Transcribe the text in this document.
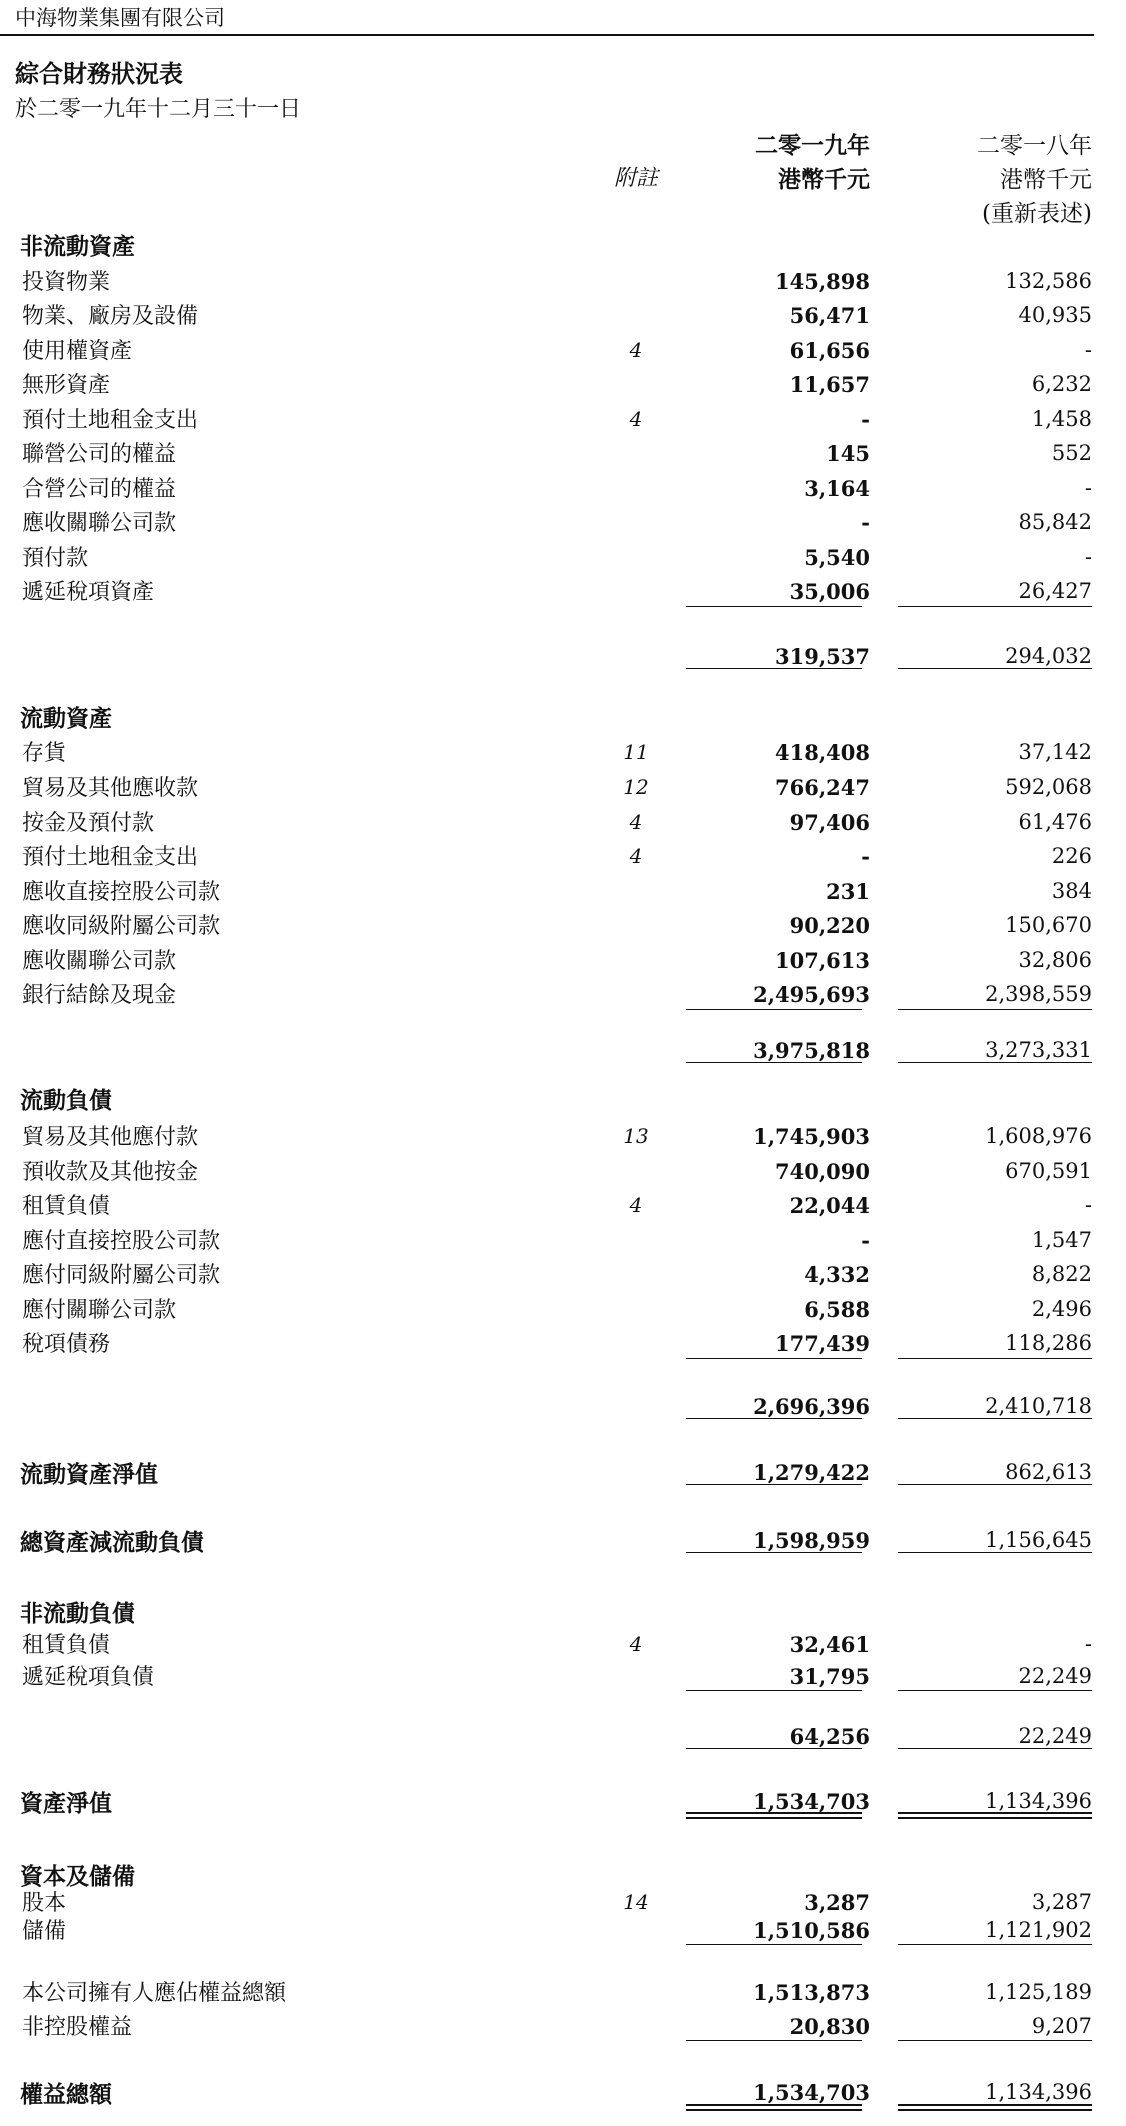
中海物業集團有限公司
綜合財務狀況表
於二零一九年十二月三十一日
二零一九年	二零一八年
附註	港幣千元	港幣千元
(重新表述)
非流動資產
投資物業	145,898	132,586
物業、廠房及設備	56,471	40,935
使用權資產	4	61,656	-
無形資產	11,657	6,232
預付土地租金支出	4	-	1,458
聯營公司的權益	145	552
合營公司的權益	3,164	-
應收關聯公司款	-	85,842
預付款	5,540	-
遞延稅項資產	35,006	26,427
319,537	294,032
流動資產
存貨	11	418,408	37,142
貿易及其他應收款	12	766,247	592,068
按金及預付款	4	97,406	61,476
預付土地租金支出	4	-	226
應收直接控股公司款	231	384
應收同級附屬公司款	90,220	150,670
應收關聯公司款	107,613	32,806
銀行結餘及現金	2,495,693	2,398,559
3,975,818	3,273,331
流動負債
貿易及其他應付款	13	1,745,903	1,608,976
預收款及其他按金	740,090	670,591
租賃負債	4	22,044	-
應付直接控股公司款	-	1,547
應付同級附屬公司款	4,332	8,822
應付關聯公司款	6,588	2,496
稅項債務	177,439	118,286
2,696,396	2,410,718
流動資產淨值	1,279,422	862,613
總資產減流動負債	1,598,959	1,156,645
非流動負債
租賃負債	4	32,461	-
遞延稅項負債	31,795	22,249
64,256	22,249
資產淨值	1,534,703	1,134,396
資本及儲備
股本	14	3,287	3,287
儲備	1,510,586	1,121,902
本公司擁有人應佔權益總額	1,513,873	1,125,189
非控股權益	20,830	9,207
權益總額	1,534,703	1,134,396
